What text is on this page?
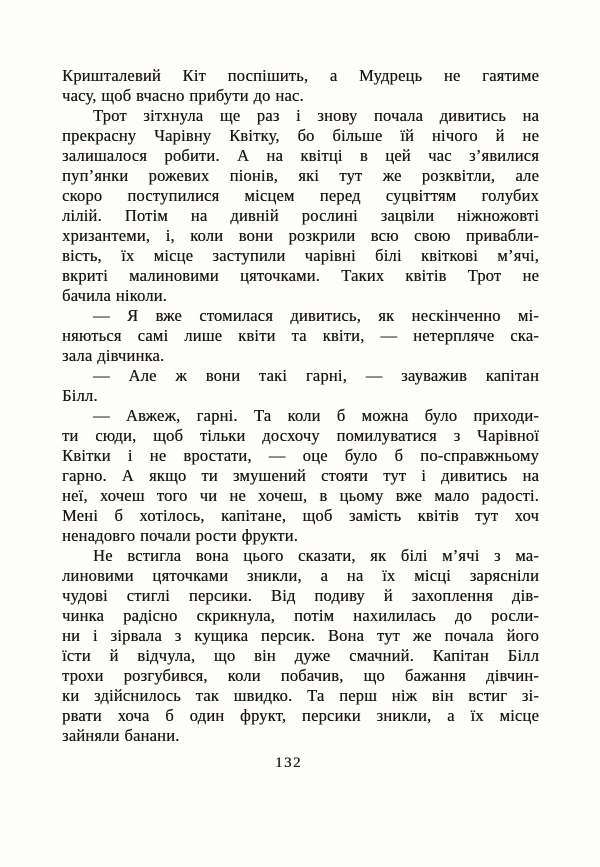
Кришталевий Кіт поспішить, а Мудрець не гаятиме
часу, щоб вчасно прибути до нас.
Трот зітхнула ще раз і знову почала дивитись на
прекрасну Чарівну Квітку, бо більше їй нічого й не
залишалося робити. А на квітці в цей час з’явилися
пуп’янки рожевих піонів, які тут же розквітли, але
скоро поступилися місцем перед суцвіттям голубих
лілій. Потім на дивній рослині зацвіли ніжножовті
хризантеми, і, коли вони розкрили всю свою привабли-
вість, їх місце заступили чарівні білі квіткові м’ячі,
вкриті малиновими цяточками. Таких квітів Трот не
бачила ніколи.
— Я вже стомилася дивитись, як нескінченно мі-
няються самі лише квіти та квіти, — нетерпляче ска-
зала дівчинка.
— Але ж вони такі гарні, — зауважив капітан
Білл.
— Авжеж, гарні. Та коли б можна було приходи-
ти сюди, щоб тільки досхочу помилуватися з Чарівної
Квітки і не вростати, — оце було б по-справжньому
гарно. А якщо ти змушений стояти тут і дивитись на
неї, хочеш того чи не хочеш, в цьому вже мало радості.
Мені б хотілось, капітане, щоб замість квітів тут хоч
ненадовго почали рости фрукти.
Не встигла вона цього сказати, як білі м’ячі з ма-
линовими цяточками зникли, а на їх місці зарясніли
чудові стиглі персики. Від подиву й захоплення дів-
чинка радісно скрикнула, потім нахилилась до росли-
ни і зірвала з кущика персик. Вона тут же почала його
їсти й відчула, що він дуже смачний. Капітан Білл
трохи розгубився, коли побачив, що бажання дівчин-
ки здійснилось так швидко. Та перш ніж він встиг зі-
рвати хоча б один фрукт, персики зникли, а їх місце
зайняли банани.
132
